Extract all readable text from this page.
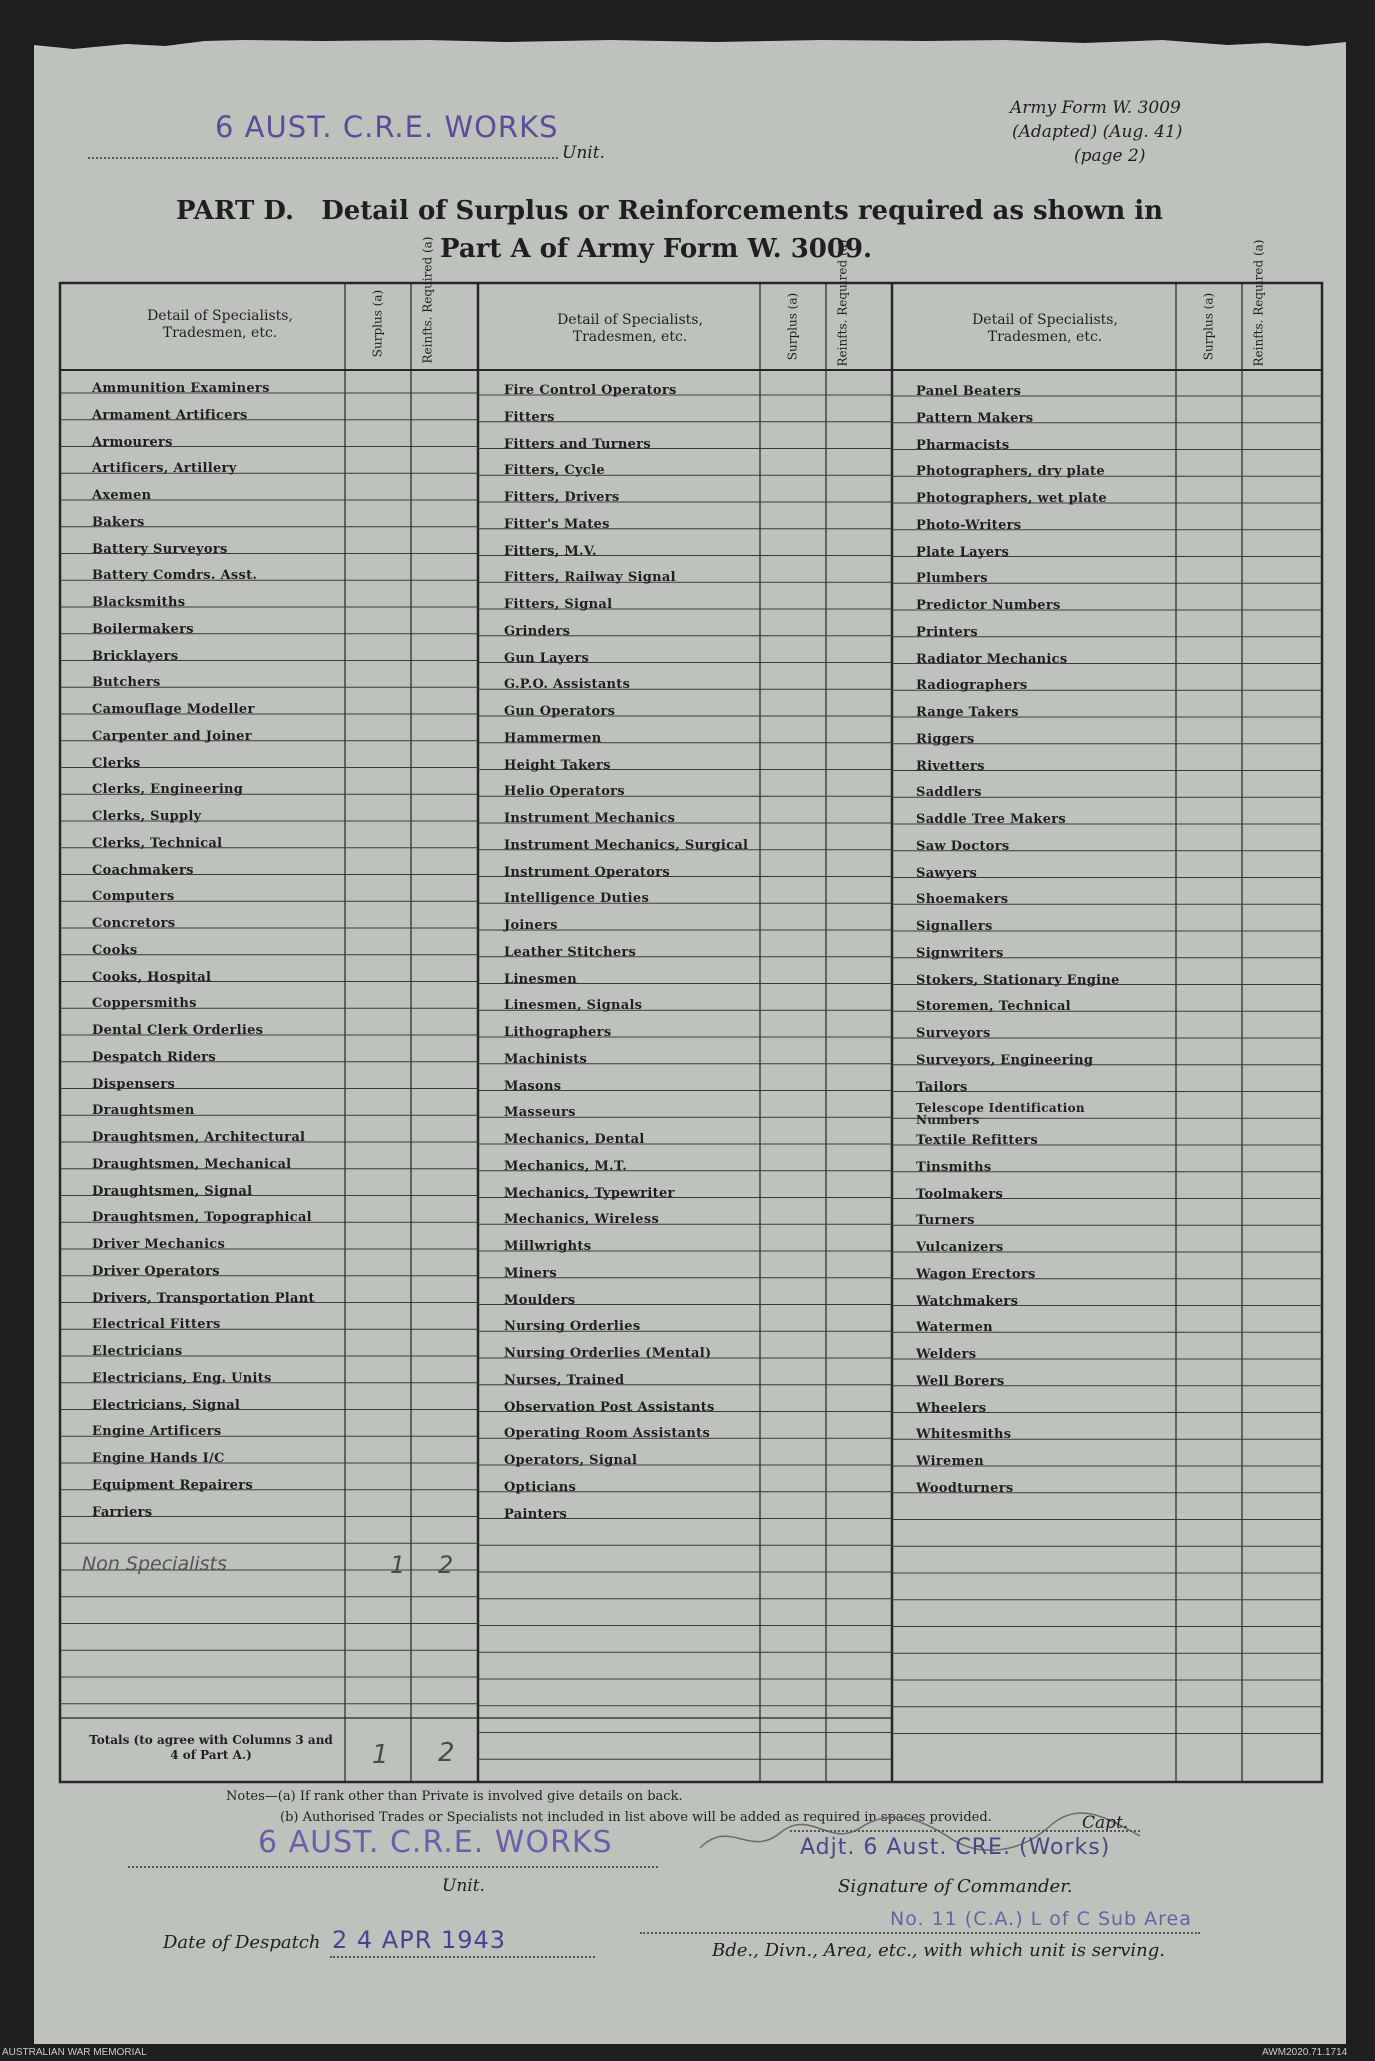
6 AUST. C.R.E. WORKS
Unit.
Army Form W. 3009
(Adapted) (Aug. 41)
(page 2)
PART D.   Detail of Surplus or Reinforcements required as shown in
Part A of Army Form W. 3009.
Detail of Specialists, Tradesmen, etc.
Detail of Specialists, Tradesmen, etc.
Detail of Specialists, Tradesmen, etc.
Surplus (a)	Reinfts. Required (a)	Surplus (a)	Reinfts. Required (a)	Surplus (a)	Reinfts. Required (a)
Ammunition Examiners
Armament Artificers
Armourers
Artificers, Artillery
Axemen
Bakers
Battery Surveyors
Battery Comdrs. Asst.
Blacksmiths
Boilermakers
Bricklayers
Butchers
Camouflage Modeller
Carpenter and Joiner
Clerks
Clerks, Engineering
Clerks, Supply
Clerks, Technical
Coachmakers
Computers
Concretors
Cooks
Cooks, Hospital
Coppersmiths
Dental Clerk Orderlies
Despatch Riders
Dispensers
Draughtsmen
Draughtsmen, Architectural
Draughtsmen, Mechanical
Draughtsmen, Signal
Draughtsmen, Topographical
Driver Mechanics
Driver Operators
Drivers, Transportation Plant
Electrical Fitters
Electricians
Electricians, Eng. Units
Electricians, Signal
Engine Artificers
Engine Hands I/C
Equipment Repairers
Farriers
Fire Control Operators
Fitters
Fitters and Turners
Fitters, Cycle
Fitters, Drivers
Fitter's Mates
Fitters, M.V.
Fitters, Railway Signal
Fitters, Signal
Grinders
Gun Layers
G.P.O. Assistants
Gun Operators
Hammermen
Height Takers
Helio Operators
Instrument Mechanics
Instrument Mechanics, Surgical
Instrument Operators
Intelligence Duties
Joiners
Leather Stitchers
Linesmen
Linesmen, Signals
Lithographers
Machinists
Masons
Masseurs
Mechanics, Dental
Mechanics, M.T.
Mechanics, Typewriter
Mechanics, Wireless
Millwrights
Miners
Moulders
Nursing Orderlies
Nursing Orderlies (Mental)
Nurses, Trained
Observation Post Assistants
Operating Room Assistants
Operators, Signal
Opticians
Painters
Panel Beaters
Pattern Makers
Pharmacists
Photographers, dry plate
Photographers, wet plate
Photo-Writers
Plate Layers
Plumbers
Predictor Numbers
Printers
Radiator Mechanics
Radiographers
Range Takers
Riggers
Rivetters
Saddlers
Saddle Tree Makers
Saw Doctors
Sawyers
Shoemakers
Signallers
Signwriters
Stokers, Stationary Engine
Storemen, Technical
Surveyors
Surveyors, Engineering
Tailors
Telescope Identification Numbers
Textile Refitters
Tinsmiths
Toolmakers
Turners
Vulcanizers
Wagon Erectors
Watchmakers
Watermen
Welders
Well Borers
Wheelers
Whitesmiths
Wiremen
Woodturners
Non Specialists	1 2
Totals (to agree with Columns 3 and 4 of Part A.)	1 2
Notes—(a) If rank other than Private is involved give details on back.
(b) Authorised Trades or Specialists not included in list above will be added as required in spaces provided.
6 AUST. C.R.E. WORKS
Unit.
Capt.
Adjt. 6 Aust. CRE. (Works)
Signature of Commander.
No. 11 (C.A.) L of C Sub Area
Date of Despatch 2 4 APR 1943	Bde., Divn., Area, etc., with which unit is serving.
AUSTRALIAN WAR MEMORIAL	AWM2020.71.1714
